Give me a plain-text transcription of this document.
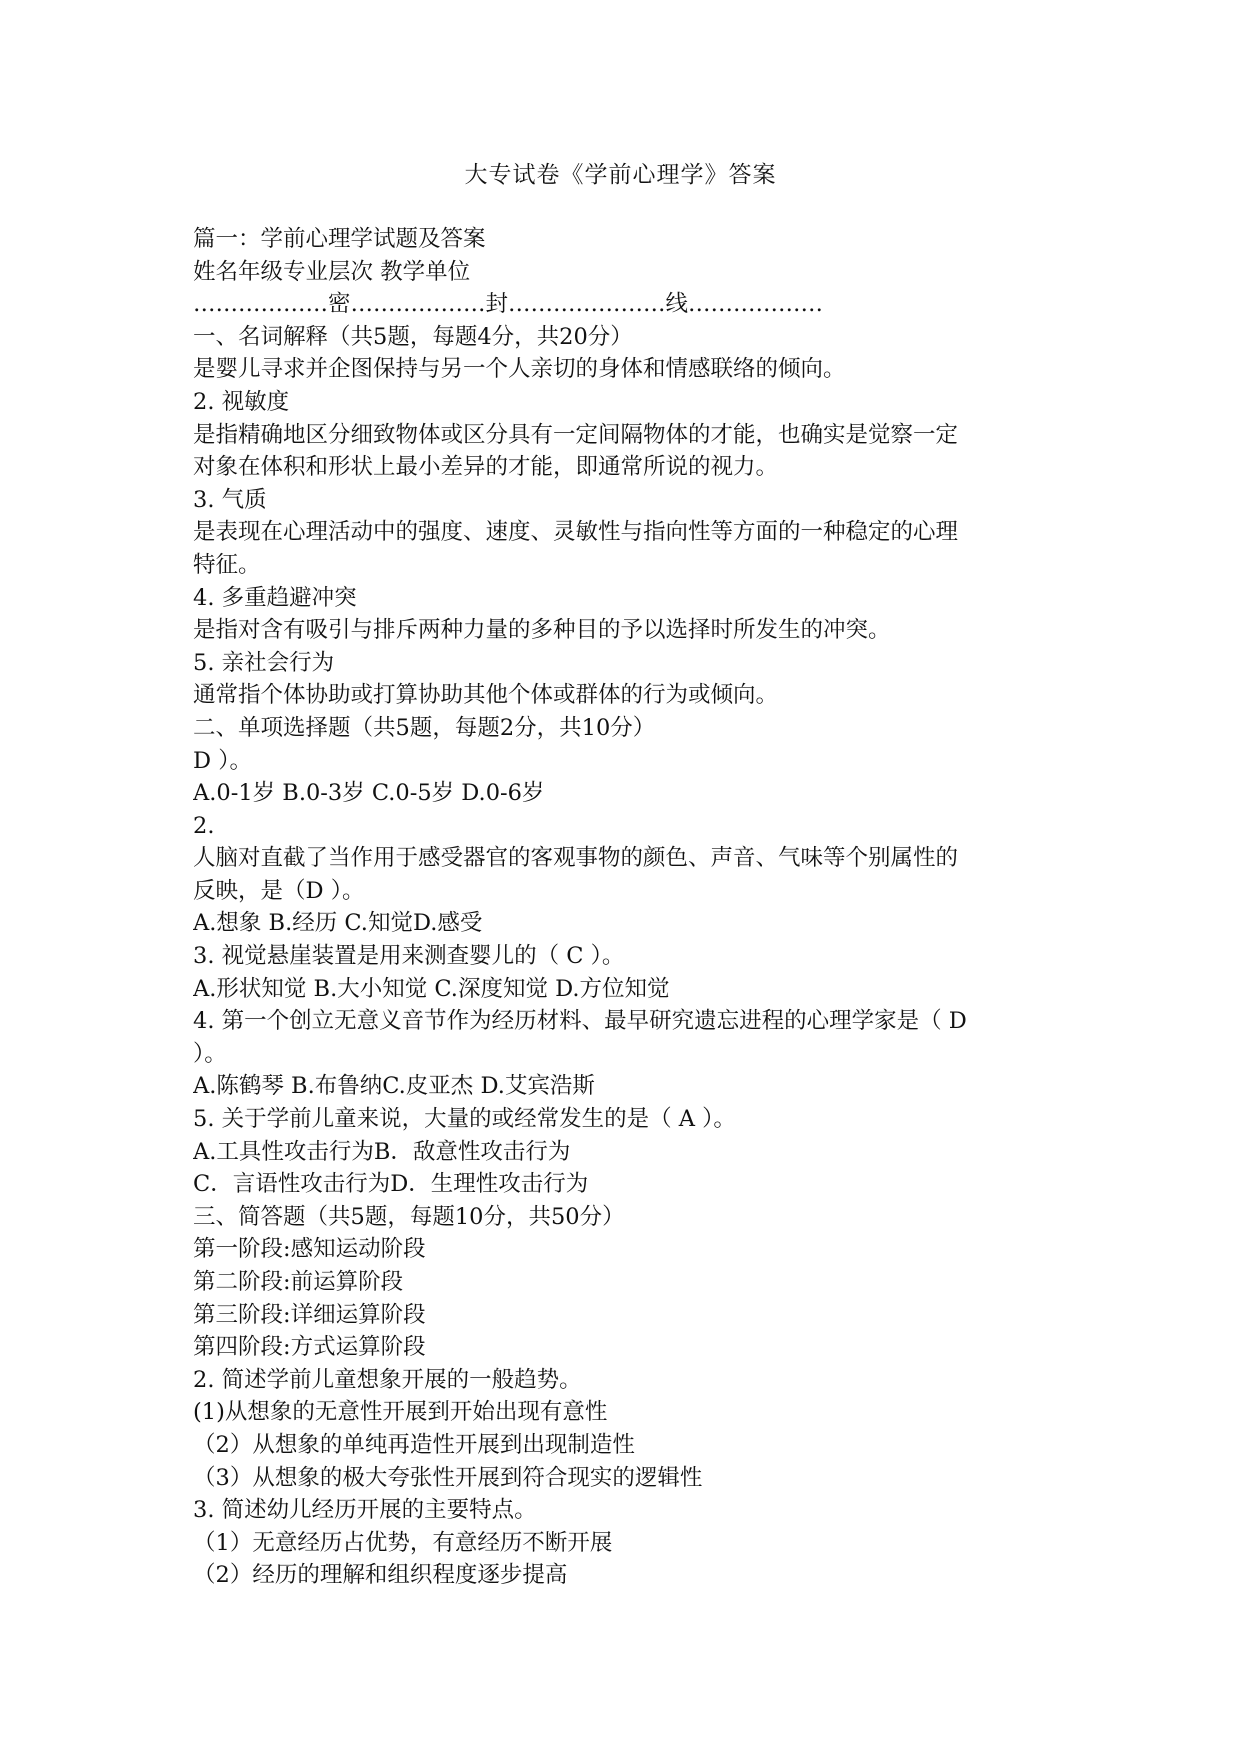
大专试卷《学前心理学》答案
篇一：学前心理学试题及答案
姓名年级专业层次 教学单位
………………密………………封…………………线………………
一、名词解释（共5题，每题4分，共20分）
是婴儿寻求并企图保持与另一个人亲切的身体和情感联络的倾向。
2. 视敏度
是指精确地区分细致物体或区分具有一定间隔物体的才能，也确实是觉察一定
对象在体积和形状上最小差异的才能，即通常所说的视力。
3. 气质
是表现在心理活动中的强度、速度、灵敏性与指向性等方面的一种稳定的心理
特征。
4. 多重趋避冲突
是指对含有吸引与排斥两种力量的多种目的予以选择时所发生的冲突。
5. 亲社会行为
通常指个体协助或打算协助其他个体或群体的行为或倾向。
二、单项选择题（共5题，每题2分，共10分）
D ）。
A.0-1岁 B.0-3岁 C.0-5岁 D.0-6岁
2.
人脑对直截了当作用于感受器官的客观事物的颜色、声音、气味等个别属性的
反映，是（D ）。
A.想象 B.经历 C.知觉D.感受
3. 视觉悬崖装置是用来测查婴儿的（ C ）。
A.形状知觉 B.大小知觉 C.深度知觉 D.方位知觉
4. 第一个创立无意义音节作为经历材料、最早研究遗忘进程的心理学家是（ D
）。
A.陈鹤琴 B.布鲁纳C.皮亚杰 D.艾宾浩斯
5. 关于学前儿童来说，大量的或经常发生的是（ A ）。
A.工具性攻击行为B．敌意性攻击行为
C．言语性攻击行为D．生理性攻击行为
三、简答题（共5题，每题10分，共50分）
第一阶段:感知运动阶段
第二阶段:前运算阶段
第三阶段:详细运算阶段
第四阶段:方式运算阶段
2. 简述学前儿童想象开展的一般趋势。
(1)从想象的无意性开展到开始出现有意性
（2）从想象的单纯再造性开展到出现制造性
（3）从想象的极大夸张性开展到符合现实的逻辑性
3. 简述幼儿经历开展的主要特点。
（1）无意经历占优势，有意经历不断开展
（2）经历的理解和组织程度逐步提高
